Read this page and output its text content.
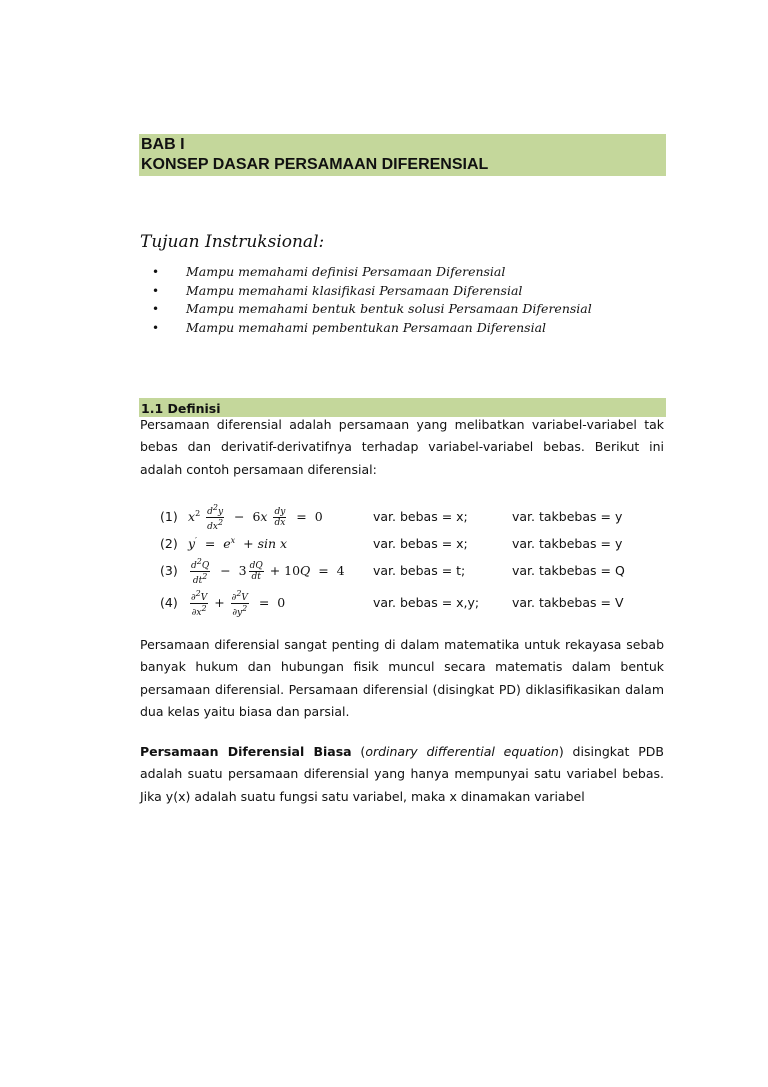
BAB I
KONSEP DASAR PERSAMAAN DIFERENSIAL
Tujuan Instruksional:
• Mampu memahami definisi Persamaan Diferensial
• Mampu memahami klasifikasi Persamaan Diferensial
• Mampu memahami bentuk bentuk solusi Persamaan Diferensial
• Mampu memahami pembentukan Persamaan Diferensial
1.1 Definisi
Persamaan diferensial adalah persamaan yang melibatkan variabel-variabel tak bebas dan derivatif-derivatifnya terhadap variabel-variabel bebas. Berikut ini adalah contoh persamaan diferensial:
(1) $x^2 \frac{d^2y}{dx^2} - 6x \frac{dy}{dx} = 0$	var. bebas = x;	var. takbebas = y
(2) $y' = e^x + \sin x$	var. bebas = x;	var. takbebas = y
$(3) \frac{d^2Q}{dt^2} - 3 \frac{dQ}{dt} + 10Q = 4$ var. bebas = t;	var. takbebas = Q
$(4) \frac{\partial^2V}{\partial x^2} + \frac{\partial^2V}{\partial y^2} = 0$	var. bebas = x,y;	var. takbebas = V
Persamaan diferensial sangat penting di dalam matematika untuk rekayasa sebab banyak hukum dan hubungan fisik muncul secara matematis dalam bentuk persamaan diferensial. Persamaan diferensial (disingkat PD) diklasifikasikan dalam dua kelas yaitu biasa dan parsial.
Persamaan Diferensial Biasa (ordinary differential equation) disingkat PDB adalah suatu persamaan diferensial yang hanya mempunyai satu variabel bebas. Jika y(x) adalah suatu fungsi satu variabel, maka x dinamakan variabel
